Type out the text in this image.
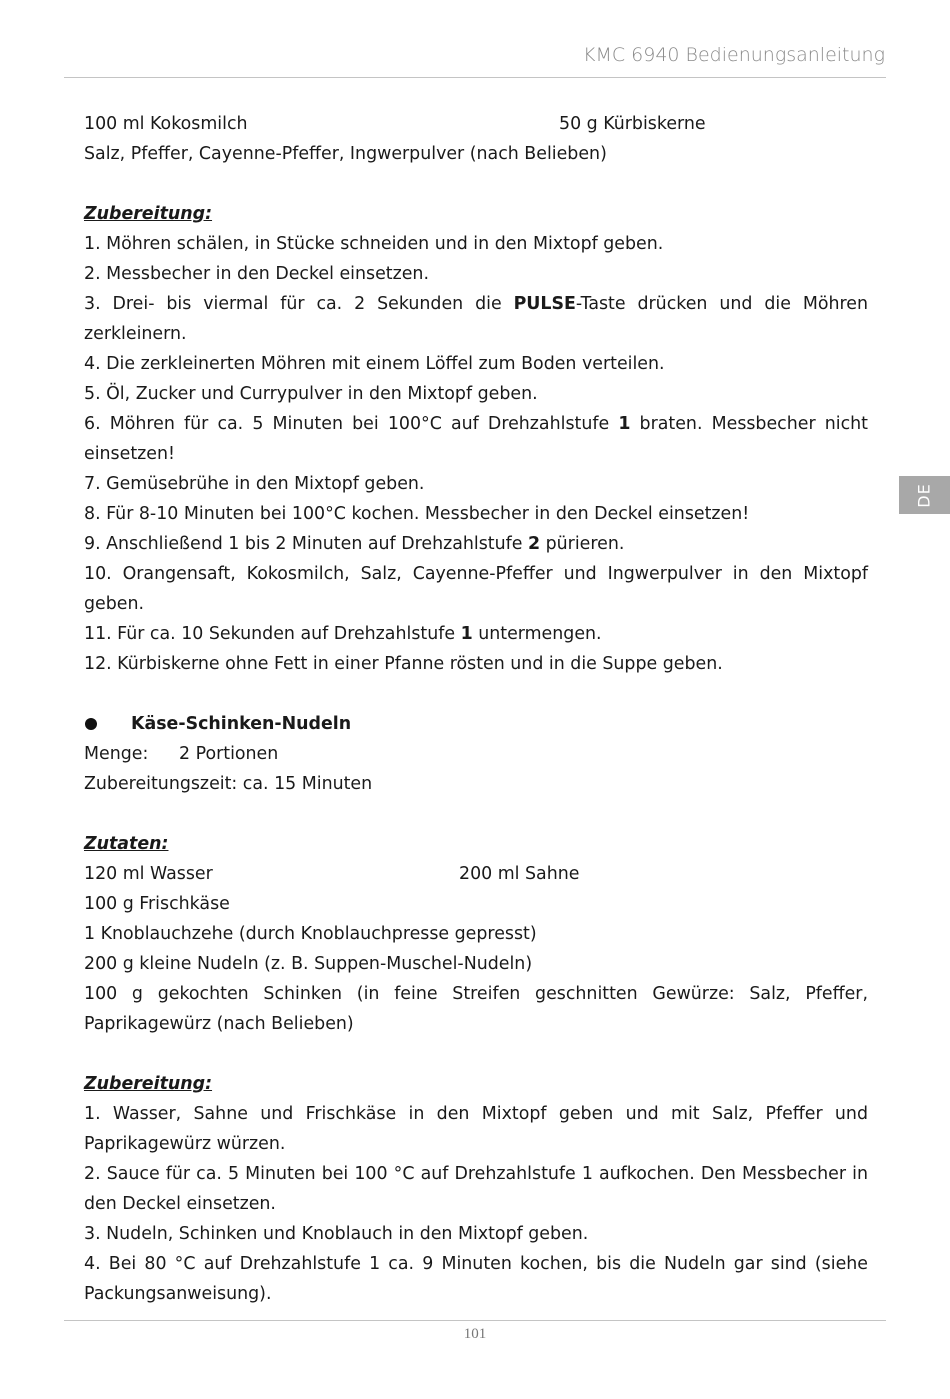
KMC 6940 Bedienungsanleitung
DE
100 ml Kokosmilch	50 g Kürbiskerne
Salz, Pfeffer, Cayenne-Pfeffer, Ingwerpulver (nach Belieben)
Zubereitung:
1. Möhren schälen, in Stücke schneiden und in den Mixtopf geben.
2. Messbecher in den Deckel einsetzen.
3. Drei- bis viermal für ca. 2 Sekunden die PULSE-Taste drücken und die Möhren zerkleinern.
4. Die zerkleinerten Möhren mit einem Löffel zum Boden verteilen.
5. Öl, Zucker und Currypulver in den Mixtopf geben.
6. Möhren für ca. 5 Minuten bei 100°C auf Drehzahlstufe 1 braten. Messbecher nicht einsetzen!
7. Gemüsebrühe in den Mixtopf geben.
8. Für 8-10 Minuten bei 100°C kochen. Messbecher in den Deckel einsetzen!
9. Anschließend 1 bis 2 Minuten auf Drehzahlstufe 2 pürieren.
10. Orangensaft, Kokosmilch, Salz, Cayenne-Pfeffer und Ingwerpulver in den Mixtopf geben.
11. Für ca. 10 Sekunden auf Drehzahlstufe 1 untermengen.
12. Kürbiskerne ohne Fett in einer Pfanne rösten und in die Suppe geben.
Käse-Schinken-Nudeln
Menge: 2 Portionen
Zubereitungszeit: ca. 15 Minuten
Zutaten:
120 ml Wasser	200 ml Sahne
100 g Frischkäse
1 Knoblauchzehe (durch Knoblauchpresse gepresst)
200 g kleine Nudeln (z. B. Suppen-Muschel-Nudeln)
100 g gekochten Schinken (in feine Streifen geschnitten Gewürze: Salz, Pfeffer, Paprikagewürz (nach Belieben)
Zubereitung:
1. Wasser, Sahne und Frischkäse in den Mixtopf geben und mit Salz, Pfeffer und Paprikagewürz würzen.
2. Sauce für ca. 5 Minuten bei 100 °C auf Drehzahlstufe 1 aufkochen. Den Messbecher in den Deckel einsetzen.
3. Nudeln, Schinken und Knoblauch in den Mixtopf geben.
4. Bei 80 °C auf Drehzahlstufe 1 ca. 9 Minuten kochen, bis die Nudeln gar sind (siehe Packungsanweisung).
101
